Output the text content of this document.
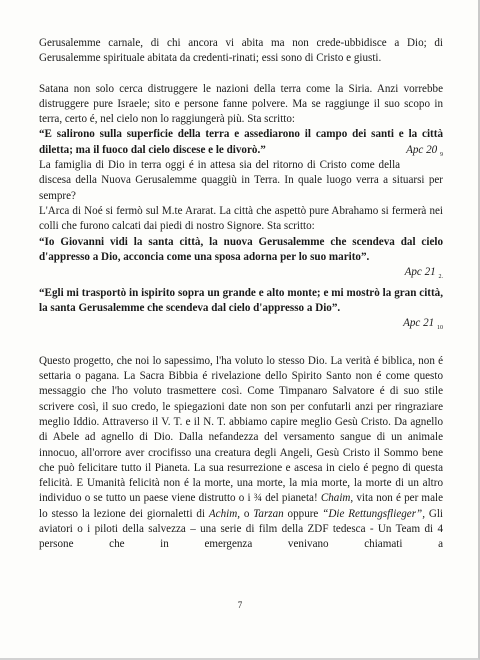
Gerusalemme carnale, di chi ancora vi abita ma non crede-ubbidisce a Dio; di Gerusalemme spirituale abitata da credenti-rinati; essi sono di Cristo e giusti.

Satana non solo cerca distruggere le nazioni della terra come la Siria. Anzi vorrebbe distruggere pure Israele; sito e persone fanne polvere. Ma se raggiunge il suo scopo in terra, certo é, nel cielo non lo raggiungerà più. Sta scritto:

“E salirono sulla superficie della terra e assediarono il campo dei santi e la città diletta; ma il fuoco dal cielo discese e le divorò.”	Apc 20 $_9$

La famiglia di Dio in terra oggi é in attesa sia del ritorno di Cristo come della discesa della Nuova Gerusalemme quaggiù in Terra. In quale luogo verra a situarsi per sempre?

L'Arca di Noé si fermò sul M.te Ararat. La città che aspettò pure Abrahamo si fermerà nei colli che furono calcati dai piedi di nostro Signore. Sta scritto:

“Io Giovanni vidi la santa città, la nuova Gerusalemme che scendeva dal cielo d'appresso a Dio, acconcia come una sposa adorna per lo suo marito”.

Apc 21 $_{2.}$

“Egli mi trasportò in ispirito sopra un grande e alto monte; e mi mostrò la gran città, la santa Gerusalemme che scendeva dal cielo d'appresso a Dio”.

Apc 21 $_{10}$

Questo progetto, che noi lo sapessimo, l'ha voluto lo stesso Dio. La verità é biblica, non é settaria o pagana. La Sacra Bibbia é rivelazione dello Spirito Santo non é come questo messaggio che l'ho voluto trasmettere così. Come Timpanaro Salvatore é di suo stile scrivere così, il suo credo, le spiegazioni date non son per confutarli anzi per ringraziare meglio Iddio. Attraverso il V. T. e il N. T. abbiamo capire meglio Gesù Cristo. Da agnello di Abele ad agnello di Dio. Dalla nefandezza del versamento sangue di un animale innocuo, all'orrore aver crocifisso una creatura degli Angeli, Gesù Cristo il Sommo bene che può felicitare tutto il Pianeta. La sua resurrezione e ascesa in cielo é pegno di questa felicità. E Umanità felicità non é la morte, una morte, la mia morte, la morte di un altro individuo o se tutto un paese viene distrutto o i ¾ del pianeta! Chaim, vita non é per male lo stesso la lezione dei giornaletti di Achim, o Tarzan oppure “Die Rettungsflieger”, Gli aviatori o i piloti della salvezza – una serie di film della ZDF tedesca - Un Team di 4 persone che in emergenza venivano chiamati a

7
